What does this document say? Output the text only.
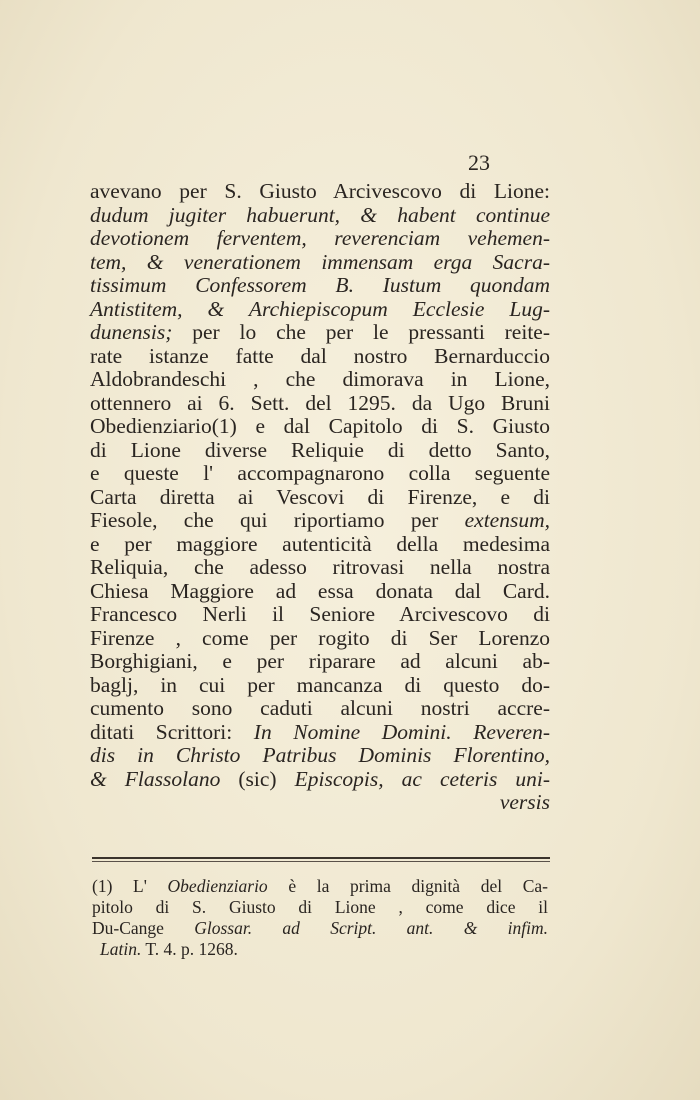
23
avevano per S. Giusto Arcivescovo di Lione:
dudum jugiter habuerunt, & habent continue
devotionem ferventem, reverenciam vehemen-
tem, & venerationem immensam erga Sacra-
tissimum Confessorem B. Iustum quondam
Antistitem, & Archiepiscopum Ecclesie Lug-
dunensis; per lo che per le pressanti reite-
rate istanze fatte dal nostro Bernarduccio
Aldobrandeschi , che dimorava in Lione,
ottennero ai 6. Sett. del 1295. da Ugo Bruni
Obedienziario(1) e dal Capitolo di S. Giusto
di Lione diverse Reliquie di detto Santo,
e queste l' accompagnarono colla seguente
Carta diretta ai Vescovi di Firenze, e di
Fiesole, che qui riportiamo per extensum,
e per maggiore autenticità della medesima
Reliquia, che adesso ritrovasi nella nostra
Chiesa Maggiore ad essa donata dal Card.
Francesco Nerli il Seniore Arcivescovo di
Firenze , come per rogito di Ser Lorenzo
Borghigiani, e per riparare ad alcuni ab-
baglj, in cui per mancanza di questo do-
cumento sono caduti alcuni nostri accre-
ditati Scrittori: In Nomine Domini. Reveren-
dis in Christo Patribus Dominis Florentino,
& Flassolano (sic) Episcopis, ac ceteris uni-
versis
(1) L' Obedienziario è la prima dignità del Ca-
pitolo di S. Giusto di Lione , come dice il
Du-Cange Glossar. ad Script. ant. & infim.
Latin. T. 4. p. 1268.
